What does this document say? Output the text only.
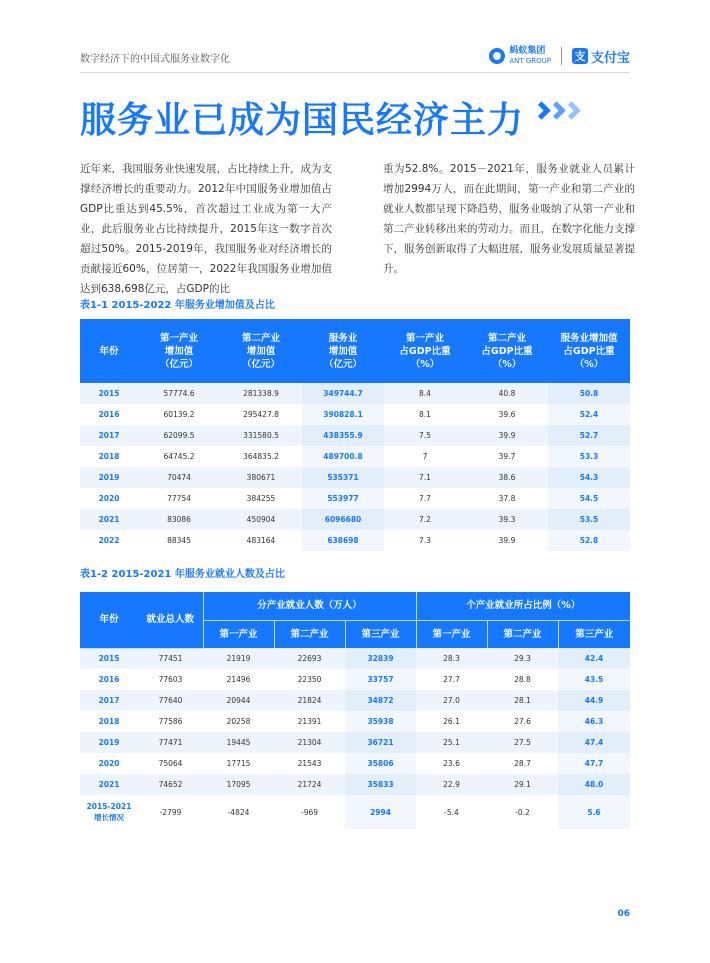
数字经济下的中国式服务业数字化
蚂蚁集团
ANT GROUP 支 支付宝
服务业已成为国民经济主力

近年来，我国服务业快速发展，占比持续上升，成为支撑经济增长的重要动力。2012年中国服务业增加值占GDP比重达到45.5%，首次超过工业成为第一大产业，此后服务业占比持续提升，2015年这一数字首次超过50%。2015-2019年，我国服务业对经济增长的贡献接近60%，位居第一，2022年我国服务业增加值达到638,698亿元，占GDP的比

重为52.8%。2015－2021年，服务业就业人员累计增加2994万人，而在此期间，第一产业和第二产业的就业人数都呈现下降趋势，服务业吸纳了从第一产业和第二产业转移出来的劳动力。而且，在数字化能力支撑下，服务创新取得了大幅进展，服务业发展质量显著提升。

表1-1 2015-2022 年服务业增加值及占比
年份	第一产业
增加值
（亿元）	第二产业
增加值
（亿元）	服务业
增加值
（亿元）	第一产业
占GDP比重
（%）	第二产业
占GDP比重
（%）	服务业增加值
占GDP比重
（%）
2015	57774.6	281338.9	349744.7	8.4	40.8	50.8
2016	60139.2	295427.8	390828.1	8.1	39.6	52.4
2017	62099.5	331580.5	438355.9	7.5	39.9	52.7
2018	64745.2	364835.2	489700.8	7	39.7	53.3
2019	70474	380671	535371	7.1	38.6	54.3
2020	77754	384255	553977	7.7	37.8	54.5
2021	83086	450904	6096680	7.2	39.3	53.5
2022	88345	483164	638698	7.3	39.9	52.8
表1-2 2015-2021 年服务业就业人数及占比
年份	就业总人数	分产业就业人数（万人）			个产业就业所占比例（%）		
		第一产业	第二产业	第三产业	第一产业	第二产业	第三产业
2015	77451	21919	22693	32839	28.3	29.3	42.4
2016	77603	21496	22350	33757	27.7	28.8	43.5
2017	77640	20944	21824	34872	27.0	28.1	44.9
2018	77586	20258	21391	35938	26.1	27.6	46.3
2019	77471	19445	21304	36721	25.1	27.5	47.4
2020	75064	17715	21543	35806	23.6	28.7	47.7
2021	74652	17095	21724	35833	22.9	29.1	48.0
2015-2021
增长情况	-2799	-4824	-969	2994	-5.4	-0.2	5.6
06
